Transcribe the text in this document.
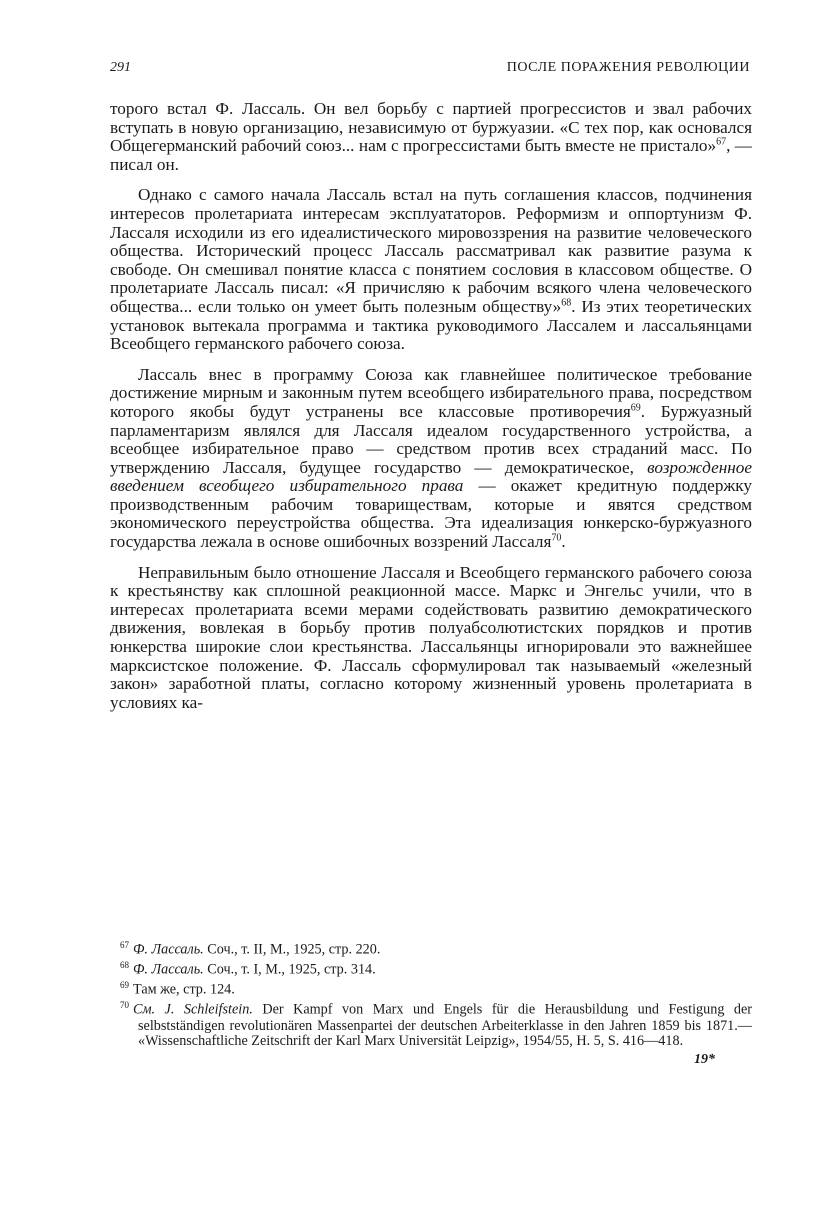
291	ПОСЛЕ ПОРАЖЕНИЯ РЕВОЛЮЦИИ

торого встал Ф. Лассаль. Он вел борьбу с партией прогрессистов и звал рабочих вступать в новую организацию, независимую от буржуазии. «С тех пор, как основался Общегерманский рабочий союз... нам с прогрессистами быть вместе не пристало»$^{67}$, — писал он.

Однако с самого начала Лассаль встал на путь соглашения классов, подчинения интересов пролетариата интересам эксплуататоров. Реформизм и оппортунизм Ф. Лассаля исходили из его идеалистического мировоззрения на развитие человеческого общества. Исторический процесс Лассаль рассматривал как развитие разума к свободе. Он смешивал понятие класса с понятием сословия в классовом обществе. О пролетариате Лассаль писал: «Я причисляю к рабочим всякого члена человеческого общества... если только он умеет быть полезным обществу»$^{68}$. Из этих теоретических установок вытекала программа и тактика руководимого Лассалем и лассальянцами Всеобщего германского рабочего союза.

Лассаль внес в программу Союза как главнейшее политическое требование достижение мирным и законным путем всеобщего избирательного права, посредством которого якобы будут устранены все классовые противоречия$^{69}$. Буржуазный парламентаризм являлся для Лассаля идеалом государственного устройства, а всеобщее избирательное право — средством против всех страданий масс. По утверждению Лассаля, будущее государство — демократическое, возрожденное введением всеобщего избирательного права — окажет кредитную поддержку производственным рабочим товариществам, которые и явятся средством экономического переустройства общества. Эта идеализация юнкерско-буржуазного государства лежала в основе ошибочных воззрений Лассаля$^{70}$.

Неправильным было отношение Лассаля и Всеобщего германского рабочего союза к крестьянству как сплошной реакционной массе. Маркс и Энгельс учили, что в интересах пролетариата всеми мерами содействовать развитию демократического движения, вовлекая в борьбу против полуабсолютистских порядков и против юнкерства широкие слои крестьянства. Лассальянцы игнорировали это важнейшее марксистское положение. Ф. Лассаль сформулировал так называемый «железный закон» заработной платы, согласно которому жизненный уровень пролетариата в условиях ка-

$^{67}$ Ф. Лассаль. Соч., т. II, М., 1925, стр. 220.

$^{68}$ Ф. Лассаль. Соч., т. I, М., 1925, стр. 314.

$^{69}$ Там же, стр. 124.

$^{70}$ См. J. Schleifstein. Der Kampf von Marx und Engels für die Herausbildung und Festigung der selbstständigen revolutionären Massenpartei der deutschen Arbeiterklasse in den Jahren 1859 bis 1871.— «Wissenschaftliche Zeitschrift der Karl Marx Universität Leipzig», 1954/55, H. 5, S. 416—418.

19*
